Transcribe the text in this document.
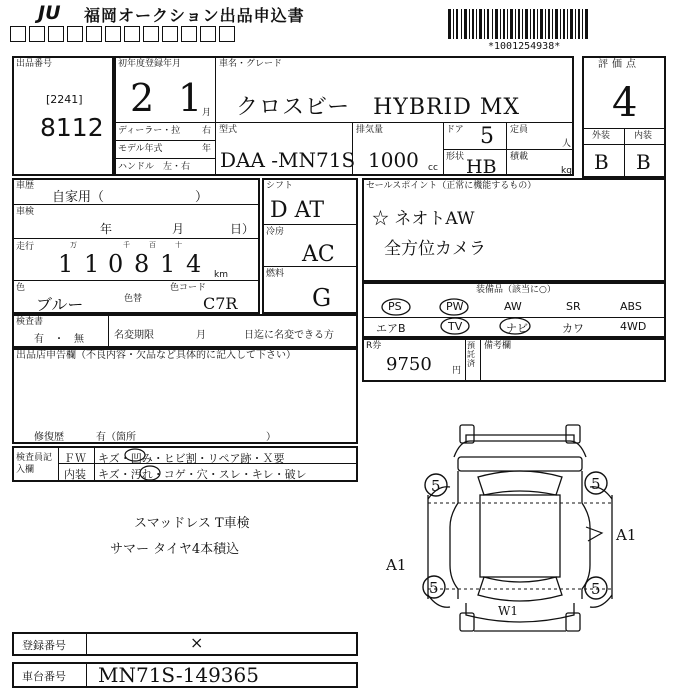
JU	福岡オークション出品申込書
*1001254938*
出品番号
[2241]
8112
初年度登録年月
2 1 月
ディーラー・拉 右
モデル年式	年
ハンドル　左・右
車名・グレード
クロスビー　HYBRID MX
型式
DAA -MN71S
排気量
1000 cc
ドア 5 定員
人
形状 HB 積載
kg
評価点
4
外装	内装
B B
車歴
自家用（　　　　　　　）
車検
年	月	日）
走行	万	千	百	十
1 1 0 8 1 4 km
色
ブルー	色替
色コード
C7R
シフト
D AT
冷房
AC
燃料
G
セールスポイント（正常に機能するもの）
☆ ネオトAW
全方位カメラ
装備品（該当に○）
PS	PW	AW	SR	ABS
エアB	TV	ナビ	カワ	4WD
R券
9750 円
預託済
備考欄
検査書
有　・　無	名変期限	月	日迄に名変できる方
出品店申告欄（不良内容・欠品など具体的に記入して下さい）
修復歴	有（箇所　　　　　　　　　　　　　）
検査員記入欄
ＦＷ キズ・凹み・ヒビ割・リペア跡・Ｘ要
内装 キズ・汚れ・コゲ・穴・スレ・キレ・破レ
スマッドレス T車検
サマー タイヤ4本積込
5	5
5	5
W1
A1
A1
登録番号	×
車台番号 MN71S-149365
